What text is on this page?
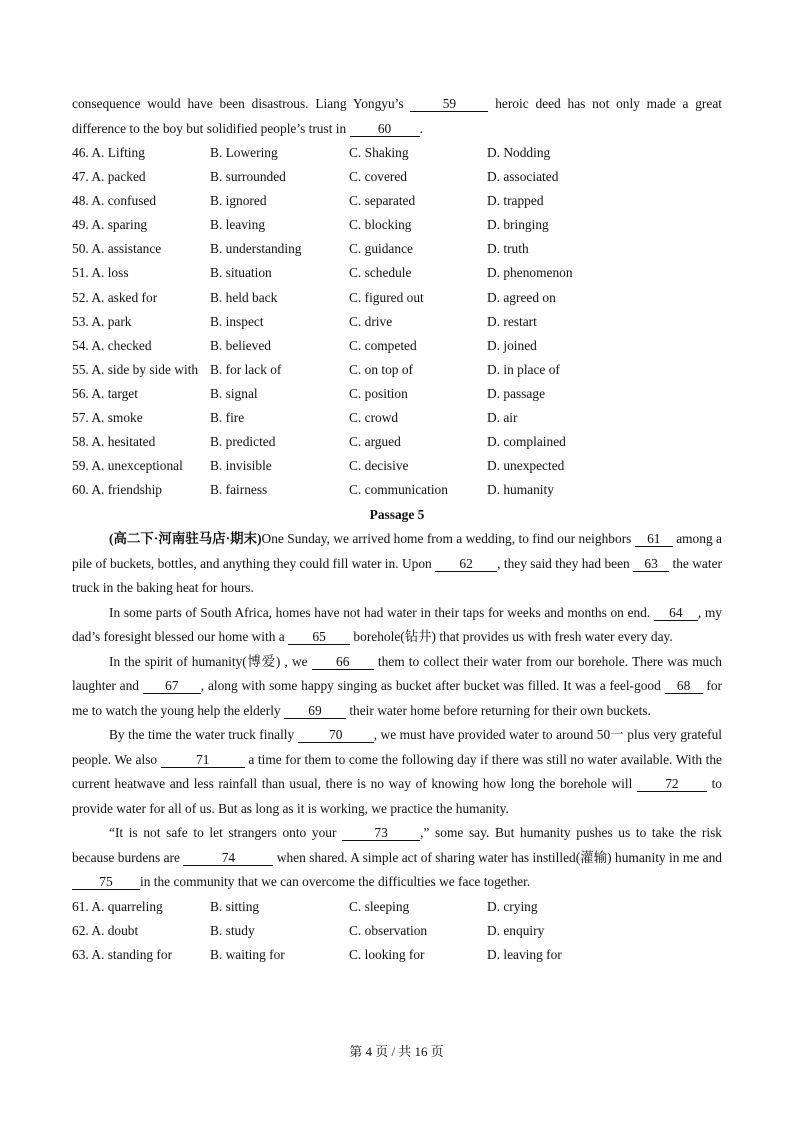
consequence would have been disastrous. Liang Yongyu’s 59 heroic deed has not only made a great difference to the boy but solidified people’s trust in 60 .

46. A. Lifting	B. Lowering	C. Shaking	D. Nodding
47. A. packed	B. surrounded	C. covered	D. associated
48. A. confused	B. ignored	C. separated	D. trapped
49. A. sparing	B. leaving	C. blocking	D. bringing
50. A. assistance	B. understanding	C. guidance	D. truth
51. A. loss	B. situation	C. schedule	D. phenomenon
52. A. asked for	B. held back	C. figured out	D. agreed on
53. A. park	B. inspect	C. drive	D. restart
54. A. checked	B. believed	C. competed	D. joined
55. A. side by side with B. for lack of	C. on top of	D. in place of
56. A. target	B. signal	C. position	D. passage
57. A. smoke	B. fire	C. crowd	D. air
58. A. hesitated	B. predicted	C. argued	D. complained
59. A. unexceptional	B. invisible	C. decisive	D. unexpected
60. A. friendship	B. fairness	C. communication	D. humanity

Passage 5

(高二下·河南驻马店·期末)One Sunday, we arrived home from a wedding, to find our neighbors 61 among a pile of buckets, bottles, and anything they could fill water in. Upon 62 , they said they had been 63 the water truck in the baking heat for hours.

In some parts of South Africa, homes have not had water in their taps for weeks and months on end. 64 , my dad’s foresight blessed our home with a 65 borehole(钻井) that provides us with fresh water every day.

In the spirit of humanity(博爱) , we 66 them to collect their water from our borehole. There was much laughter and 67 , along with some happy singing as bucket after bucket was filled. It was a feel-good 68 for me to watch the young help the elderly 69 their water home before returning for their own buckets.

By the time the water truck finally 70 , we must have provided water to around 50一 plus very grateful people. We also	71	a time for them to come the following day if there was still no water available. With the current heatwave and less rainfall than usual, there is no way of knowing how long the borehole will 72 to provide water for all of us. But as long as it is working, we practice the humanity.

“It is not safe to let strangers onto your 73 ,” some say. But humanity pushes us to take the risk because burdens are	74	when shared. A simple act of sharing water has instilled(灌输) humanity in me and 75 in the community that we can overcome the difficulties we face together.

61. A. quarreling	B. sitting	C. sleeping	D. crying
62. A. doubt	B. study	C. observation	D. enquiry
63. A. standing for	B. waiting for	C. looking for	D. leaving for
第 4 页 / 共 16 页
